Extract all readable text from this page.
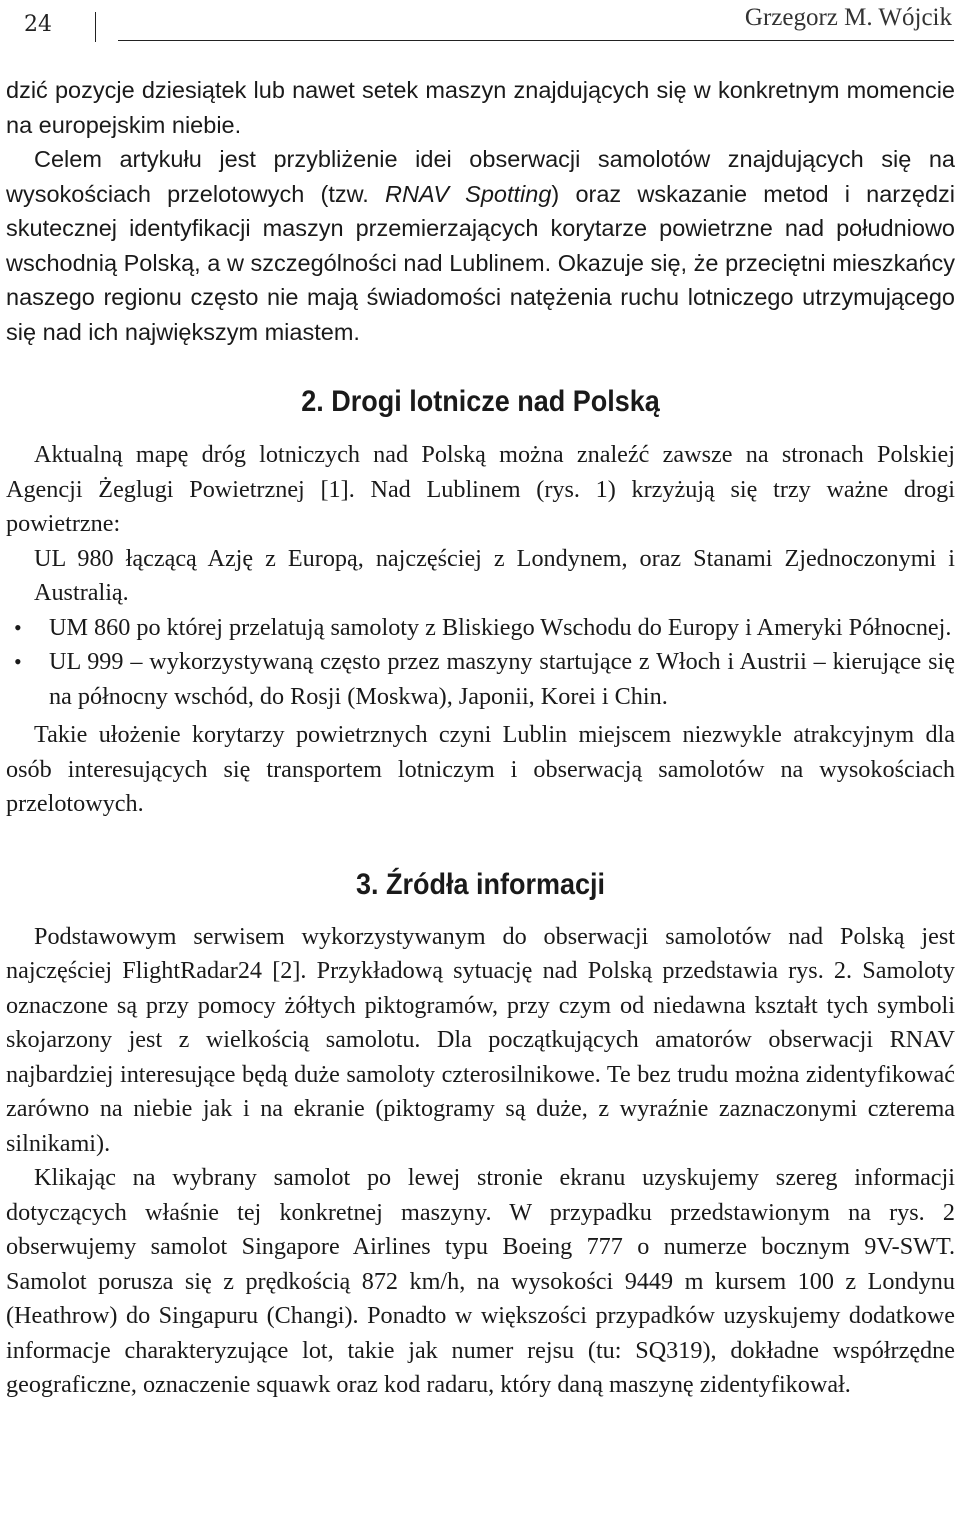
24	Grzegorz M. Wójcik

dzić pozycje dziesiątek lub nawet setek maszyn znajdujących się w konkretnym momencie na europejskim niebie.

Celem artykułu jest przybliżenie idei obserwacji samolotów znajdujących się na wysokościach przelotowych (tzw. RNAV Spotting) oraz wskazanie metod i narzędzi skutecznej identyfikacji maszyn przemierzających korytarze powietrzne nad południowo wschodnią Polską, a w szczególności nad Lublinem. Okazuje się, że przeciętni mieszkańcy naszego regionu często nie mają świadomości natężenia ruchu lotniczego utrzymującego się nad ich największym miastem.

2. Drogi lotnicze nad Polską

Aktualną mapę dróg lotniczych nad Polską można znaleźć zawsze na stronach Polskiej Agencji Żeglugi Powietrznej [1]. Nad Lublinem (rys. 1) krzyżują się trzy ważne drogi powietrzne:

UL 980 łączącą Azję z Europą, najczęściej z Londynem, oraz Stanami Zjednoczonymi i Australią.
• UM 860 po której przelatują samoloty z Bliskiego Wschodu do Europy i Ameryki Północnej.
• UL 999 – wykorzystywaną często przez maszyny startujące z Włoch i Austrii – kierujące się na północny wschód, do Rosji (Moskwa), Japonii, Korei i Chin.

Takie ułożenie korytarzy powietrznych czyni Lublin miejscem niezwykle atrakcyjnym dla osób interesujących się transportem lotniczym i obserwacją samolotów na wysokościach przelotowych.

3. Źródła informacji

Podstawowym serwisem wykorzystywanym do obserwacji samolotów nad Polską jest najczęściej FlightRadar24 [2]. Przykładową sytuację nad Polską przedstawia rys. 2. Samoloty oznaczone są przy pomocy żółtych piktogramów, przy czym od niedawna kształt tych symboli skojarzony jest z wielkością samolotu. Dla początkujących amatorów obserwacji RNAV najbardziej interesujące będą duże samoloty czterosilnikowe. Te bez trudu można zidentyfikować zarówno na niebie jak i na ekranie (piktogramy są duże, z wyraźnie zaznaczonymi czterema silnikami).

Klikając na wybrany samolot po lewej stronie ekranu uzyskujemy szereg informacji dotyczących właśnie tej konkretnej maszyny. W przypadku przedstawionym na rys. 2 obserwujemy samolot Singapore Airlines typu Boeing 777 o numerze bocznym 9V-SWT. Samolot porusza się z prędkością 872 km/h, na wysokości 9449 m kursem 100 z Londynu (Heathrow) do Singapuru (Changi). Ponadto w większości przypadków uzyskujemy dodatkowe informacje charakteryzujące lot, takie jak numer rejsu (tu: SQ319), dokładne współrzędne geograficzne, oznaczenie squawk oraz kod radaru, który daną maszynę zidentyfikował.
